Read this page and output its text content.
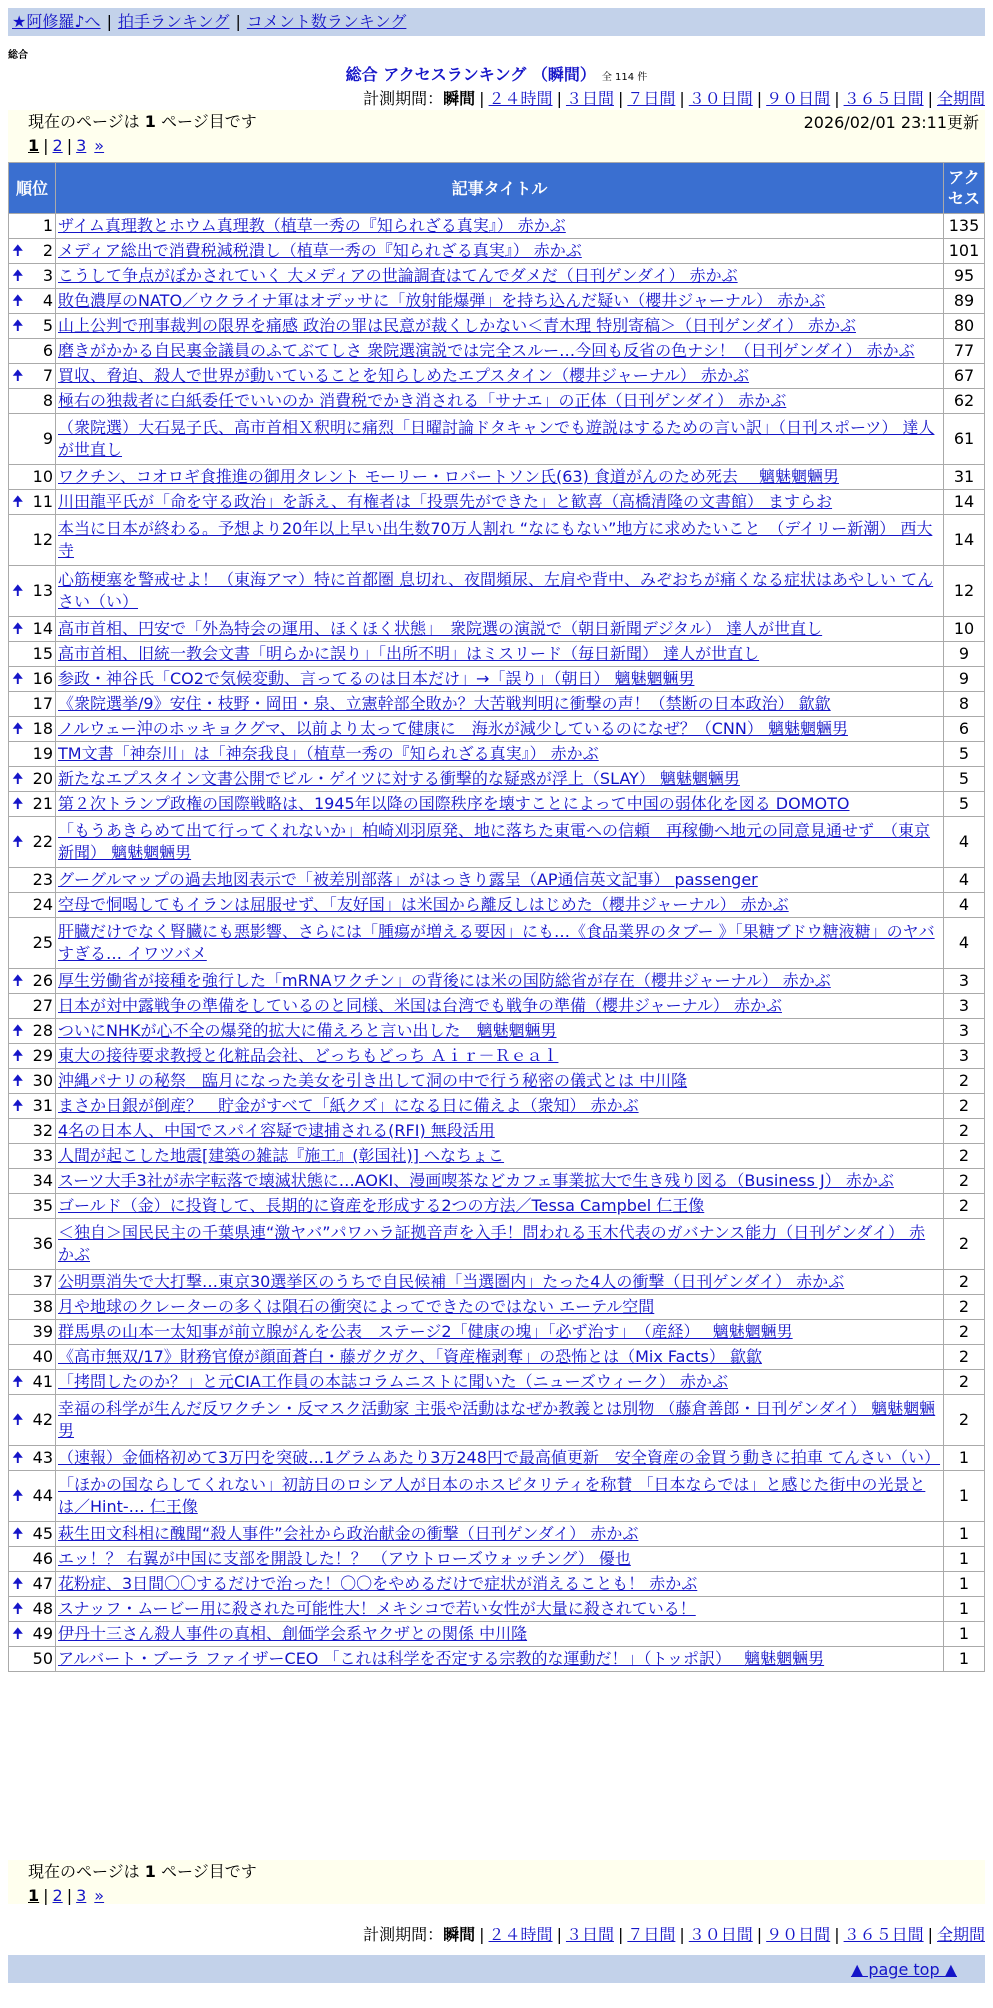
★阿修羅♪へ | 拍手ランキング | コメント数ランキング
総合
総合 アクセスランキング （瞬間） 全 114 件
計測期間：瞬間 | ２４時間 | ３日間 | ７日間 | ３０日間 | ９０日間 | ３６５日間 | 全期間
現在のページは 1 ページ目です	2026/02/01 23:11更新
1 | 2 | 3 »
順位	記事タイトル	アクセス
1	ザイム真理教とホウム真理教（植草一秀の『知られざる真実』） 赤かぶ	135

🠉 2	メディア総出で消費税減税潰し（植草一秀の『知られざる真実』） 赤かぶ	101

🠉 3	こうして争点がぼかされていく 大メディアの世論調査はてんでダメだ（日刊ゲンダイ） 赤かぶ	95

🠉 4	敗色濃厚のNATO／ウクライナ軍はオデッサに「放射能爆弾」を持ち込んだ疑い（櫻井ジャーナル） 赤かぶ	89

🠉 5	山上公判で刑事裁判の限界を痛感 政治の罪は民意が裁くしかない＜青木理 特別寄稿＞（日刊ゲンダイ） 赤かぶ	80
6	磨きがかかる自民裏金議員のふてぶてしさ 衆院選演説では完全スルー…今回も反省の色ナシ！（日刊ゲンダイ） 赤かぶ	77

🠉 7	買収、脅迫、殺人で世界が動いていることを知らしめたエプスタイン（櫻井ジャーナル） 赤かぶ	67
8	極右の独裁者に白紙委任でいいのか 消費税でかき消される「サナエ」の正体（日刊ゲンダイ） 赤かぶ	62
9	（衆院選）大石晃子氏、高市首相Ｘ釈明に痛烈「日曜討論ドタキャンでも遊説はするための言い訳」（日刊スポーツ） 達人が世直し	61
10	ワクチン、コオロギ食推進の御用タレント モーリー・ロバートソン氏(63) 食道がんのため死去　 魑魅魍魎男	31

🠉 11	川田龍平氏が「命を守る政治」を訴え、有権者は「投票先ができた」と歓喜（高橋清隆の文書館） ますらお	14
12	本当に日本が終わる。予想より20年以上早い出生数70万人割れ “なにもない”地方に求めたいこと　（デイリー新潮） 西大寺	14

🠉 13	心筋梗塞を警戒せよ！（東海アマ）特に首都圏 息切れ、夜間頻尿、左肩や背中、みぞおちが痛くなる症状はあやしい てんさい（い）	12

🠉 14	高市首相、円安で「外為特会の運用、ほくほく状態」　衆院選の演説で（朝日新聞デジタル） 達人が世直し	10
15	高市首相、旧統一教会文書「明らかに誤り」「出所不明」はミスリード（毎日新聞） 達人が世直し	9

🠉 16	参政・神谷氏「CO2で気候変動、言ってるのは日本だけ」→「誤り」（朝日） 魑魅魍魎男	9
17	《衆院選挙/9》安住・枝野・岡田・泉、立憲幹部全敗か？大苦戦判明に衝撃の声！（禁断の日本政治） 歙歙	8

🠉 18	ノルウェー沖のホッキョクグマ、以前より太って健康に　海氷が減少しているのになぜ？（CNN） 魑魅魍魎男	6
19	TM文書「神奈川」は「神奈我良」（植草一秀の『知られざる真実』） 赤かぶ	5

🠉 20	新たなエプスタイン文書公開でビル・ゲイツに対する衝撃的な疑惑が浮上（SLAY） 魑魅魍魎男	5

🠉 21	第２次トランプ政権の国際戦略は、1945年以降の国際秩序を壊すことによって中国の弱体化を図る DOMOTO	5

🠉 22	「もうあきらめて出て行ってくれないか」柏崎刈羽原発、地に落ちた東電への信頼　再稼働へ地元の同意見通せず　（東京新聞） 魑魅魍魎男	4
23	グーグルマップの過去地図表示で「被差別部落」がはっきり露呈（AP通信英文記事） passenger	4
24	空母で恫喝してもイランは屈服せず、「友好国」は米国から離反しはじめた（櫻井ジャーナル） 赤かぶ	4
25	肝臓だけでなく腎臓にも悪影響、さらには「腫瘍が増える要因」にも…《食品業界のタブー 》「果糖ブドウ糖液糖」のヤバすぎる… イワツバメ	4

🠉 26	厚生労働省が接種を強行した「mRNAワクチン」の背後には米の国防総省が存在（櫻井ジャーナル） 赤かぶ	3
27	日本が対中露戦争の準備をしているのと同様、米国は台湾でも戦争の準備（櫻井ジャーナル） 赤かぶ	3

🠉 28	ついにNHKが心不全の爆発的拡大に備えろと言い出した　魑魅魍魎男	3

🠉 29	東大の接待要求教授と化粧品会社、どっちもどっち Ａｉｒ－Ｒｅａｌ	3

🠉 30	沖縄パナリの秘祭＿臨月になった美女を引き出して洞の中で行う秘密の儀式とは 中川隆	2

🠉 31	まさか日銀が倒産？　貯金がすべて「紙クズ」になる日に備えよ（衆知） 赤かぶ	2
32	4名の日本人、中国でスパイ容疑で逮捕される(RFI) 無段活用	2
33	人間が起こした地震[建築の雑誌『施工』(彰国社)] へなちょこ	2
34	スーツ大手3社が赤字転落で壊滅状態に…AOKI、漫画喫茶などカフェ事業拡大で生き残り図る（Business J） 赤かぶ	2
35	ゴールド（金）に投資して、長期的に資産を形成する2つの方法／Tessa Campbel 仁王像	2
36	＜独自＞国民民主の千葉県連“激ヤバ”パワハラ証拠音声を入手！問われる玉木代表のガバナンス能力（日刊ゲンダイ） 赤かぶ	2
37	公明票消失で大打撃…東京30選挙区のうちで自民候補「当選圏内」たった4人の衝撃（日刊ゲンダイ） 赤かぶ	2
38	月や地球のクレーターの多くは隕石の衝突によってできたのではない エーテル空間	2
39	群馬県の山本一太知事が前立腺がんを公表　ステージ2「健康の塊」「必ず治す」　（産経）　 魑魅魍魎男	2
40	《高市無双/17》財務官僚が顔面蒼白・藤ガクガク、「資産権剥奪」の恐怖とは（Mix Facts） 歙歙	2

🠉 41	「拷問したのか？」と元CIA工作員の本誌コラムニストに聞いた（ニューズウィーク） 赤かぶ	2

🠉 42	幸福の科学が生んだ反ワクチン・反マスク活動家 主張や活動はなぜか教義とは別物 （藤倉善郎・日刊ゲンダイ） 魑魅魍魎男	2

🠉 43	（速報）金価格初めて3万円を突破…1グラムあたり3万248円で最高値更新　安全資産の金買う動きに拍車 てんさい（い）	1

🠉 44	「ほかの国ならしてくれない」初訪日のロシア人が日本のホスピタリティを称賛 「日本ならでは」と感じた街中の光景とは／Hint-… 仁王像	1

🠉 45	萩生田文科相に醜聞“殺人事件”会社から政治献金の衝撃（日刊ゲンダイ） 赤かぶ	1
46	エッ！？ 右翼が中国に支部を開設した！？ （アウトローズウォッチング） 優也	1

🠉 47	花粉症、3日間〇〇するだけで治った！〇〇をやめるだけで症状が消えることも！ 赤かぶ	1

🠉 48	スナッフ・ムービー用に殺された可能性大！メキシコで若い女性が大量に殺されている！	1

🠉 49	伊丹十三さん殺人事件の真相、創価学会系ヤクザとの関係 中川隆	1
50	アルバート・ブーラ ファイザーCEO 「これは科学を否定する宗教的な運動だ！」（トッポ訳）　 魑魅魍魎男	1
現在のページは 1 ページ目です
1 | 2 | 3 »
計測期間：瞬間 | ２４時間 | ３日間 | ７日間 | ３０日間 | ９０日間 | ３６５日間 | 全期間
▲ page top ▲
